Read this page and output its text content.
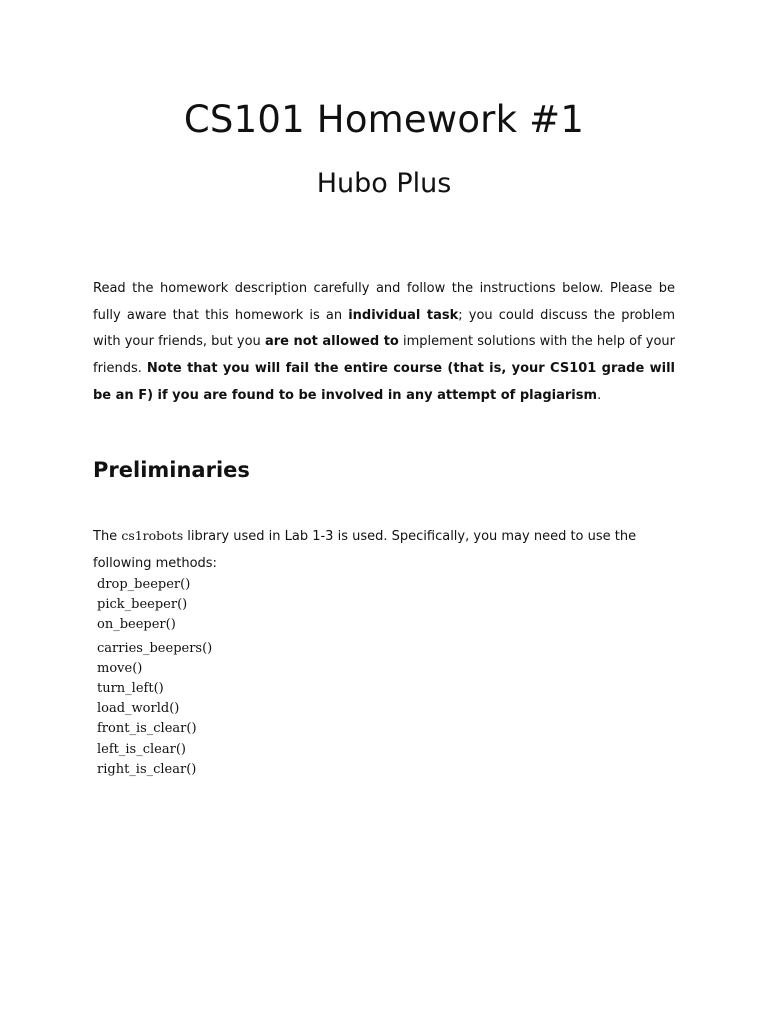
CS101 Homework #1
Hubo Plus

Read the homework description carefully and follow the instructions below. Please be fully aware that this homework is an individual task; you could discuss the problem with your friends, but you are not allowed to implement solutions with the help of your friends. Note that you will fail the entire course (that is, your CS101 grade will be an F) if you are found to be involved in any attempt of plagiarism.

Preliminaries

The cs1robots library used in Lab 1-3 is used. Specifically, you may need to use the following methods:

drop_beeper()
pick_beeper()
on_beeper()
carries_beepers()
move()
turn_left()
load_world()
front_is_clear()
left_is_clear()
right_is_clear()
